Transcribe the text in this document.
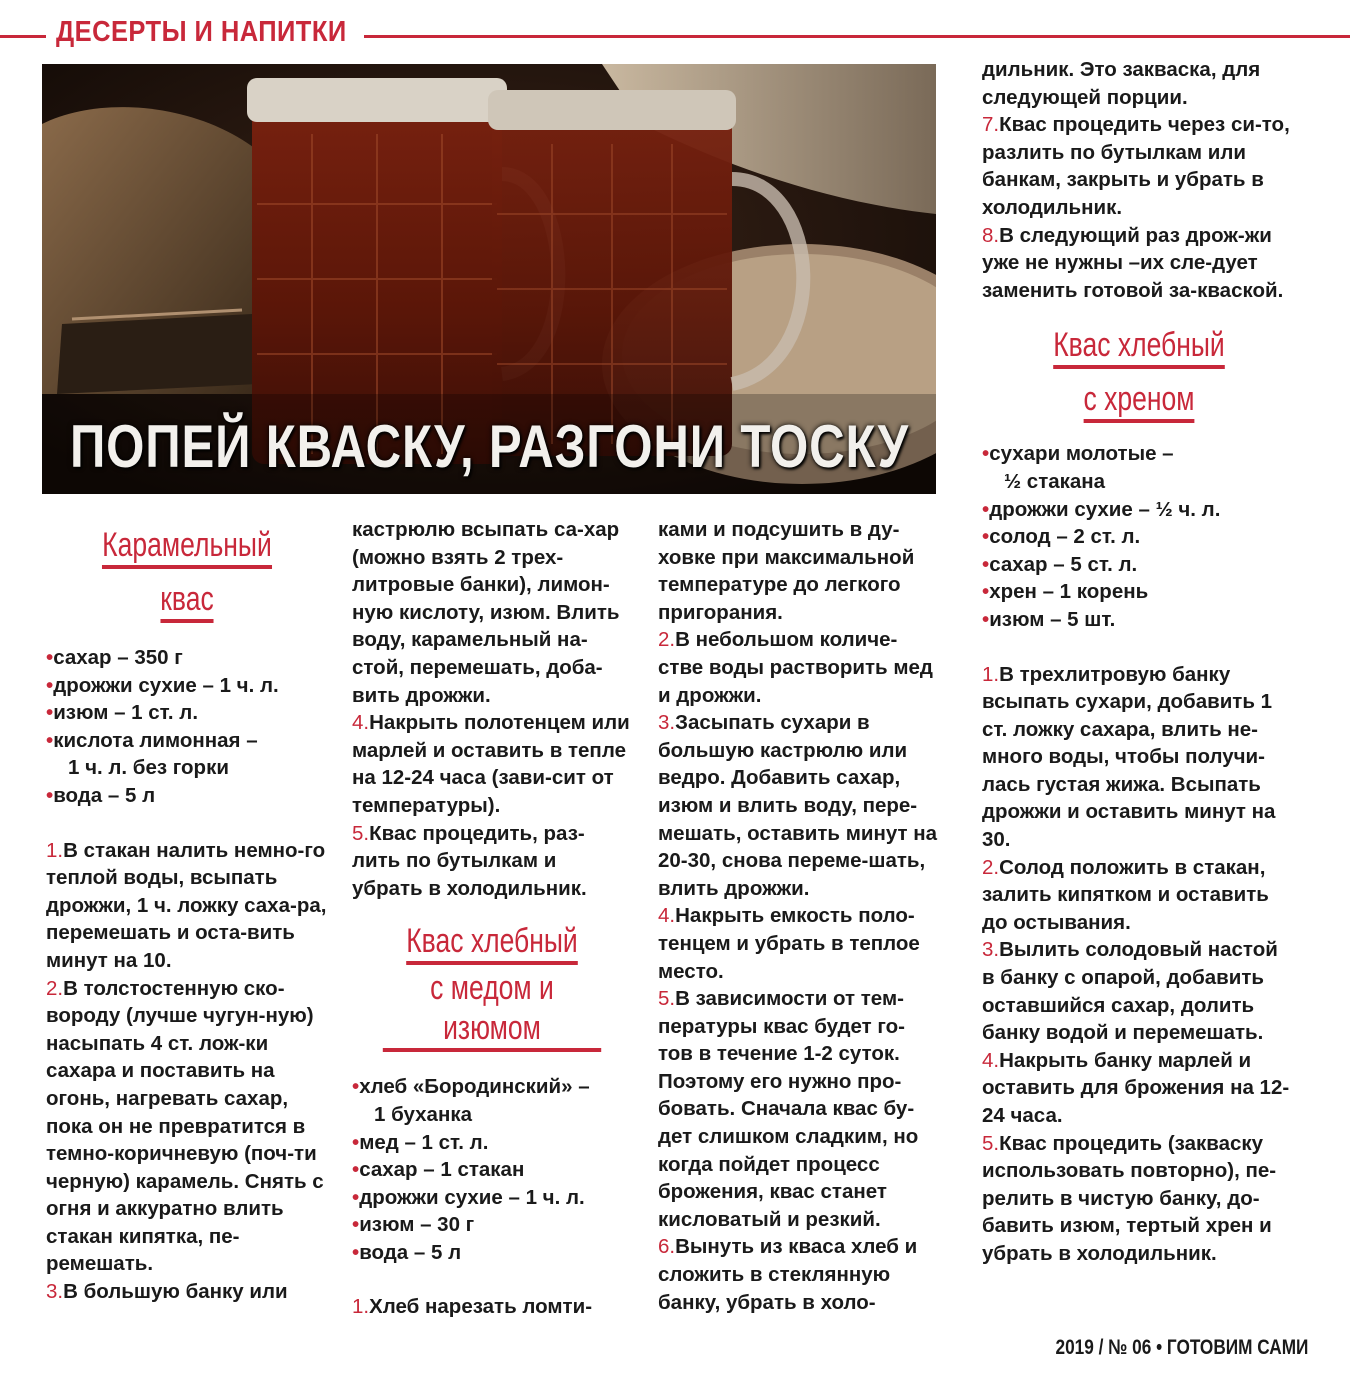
ДЕСЕРТЫ И НАПИТКИ
ПОПЕЙ КВАСКУ, РАЗГОНИ ТОСКУ
Карамельный
квас
•сахар – 350 г
•дрожжи сухие – 1 ч. л.
•изюм – 1 ст. л.
•кислота лимонная –
1 ч. л. без горки
•вода – 5 л

1.В стакан налить немно-го теплой воды, всыпать дрожжи, 1 ч. ложку саха-ра, перемешать и оста-вить минут на 10.

2.В толстостенную ско-вороду (лучше чугун-ную) насыпать 4 ст. лож-ки сахара и поставить на огонь, нагревать сахар, пока он не превратится в темно-коричневую (поч-ти черную) карамель. Снять с огня и аккуратно влить стакан кипятка, пе-ремешать.

3.В большую банку или

кастрюлю всыпать са-хар (можно взять 2 трех-литровые банки), лимон-ную кислоту, изюм. Влить воду, карамельный на-стой, перемешать, доба-вить дрожжи.

4.Накрыть полотенцем или марлей и оставить в тепле на 12-24 часа (зави-сит от температуры).

5.Квас процедить, раз-лить по бутылкам и убрать в холодильник.

Квас хлебный
с медом и изюмом
•хлеб «Бородинский» –
1 буханка
•мед – 1 ст. л.
•сахар – 1 стакан
•дрожжи сухие – 1 ч. л.
•изюм – 30 г
•вода – 5 л

1.Хлеб нарезать ломти-

ками и подсушить в ду-ховке при максимальной температуре до легкого пригорания.

2.В небольшом количе-стве воды растворить мед и дрожжи.

3.Засыпать сухари в большую кастрюлю или ведро. Добавить сахар, изюм и влить воду, пере-мешать, оставить минут на 20-30, снова переме-шать, влить дрожжи.

4.Накрыть емкость поло-тенцем и убрать в теплое место.

5.В зависимости от тем-пературы квас будет го-тов в течение 1-2 суток. Поэтому его нужно про-бовать. Сначала квас бу-дет слишком сладким, но когда пойдет процесс брожения, квас станет кисловатый и резкий.

6.Вынуть из кваса хлеб и сложить в стеклянную банку, убрать в холо-

дильник. Это закваска, для следующей порции.

7.Квас процедить через си-то, разлить по бутылкам или банкам, закрыть и убрать в холодильник.

8.В следующий раз дрож-жи уже не нужны –их сле-дует заменить готовой за-кваской.

Квас хлебный
с хреном
•сухари молотые –
½ стакана
•дрожжи сухие – ½ ч. л.
•солод – 2 ст. л.
•сахар – 5 ст. л.
•хрен – 1 корень
•изюм – 5 шт.

1.В трехлитровую банку всыпать сухари, добавить 1 ст. ложку сахара, влить не-много воды, чтобы получи-лась густая жижа. Всыпать дрожжи и оставить минут на 30.

2.Солод положить в стакан, залить кипятком и оставить до остывания.

3.Вылить солодовый настой в банку с опарой, добавить оставшийся сахар, долить банку водой и перемешать.

4.Накрыть банку марлей и оставить для брожения на 12-24 часа.

5.Квас процедить (закваску использовать повторно), пе-релить в чистую банку, до-бавить изюм, тертый хрен и убрать в холодильник.

2019 / № 06 • ГОТОВИМ САМИ
